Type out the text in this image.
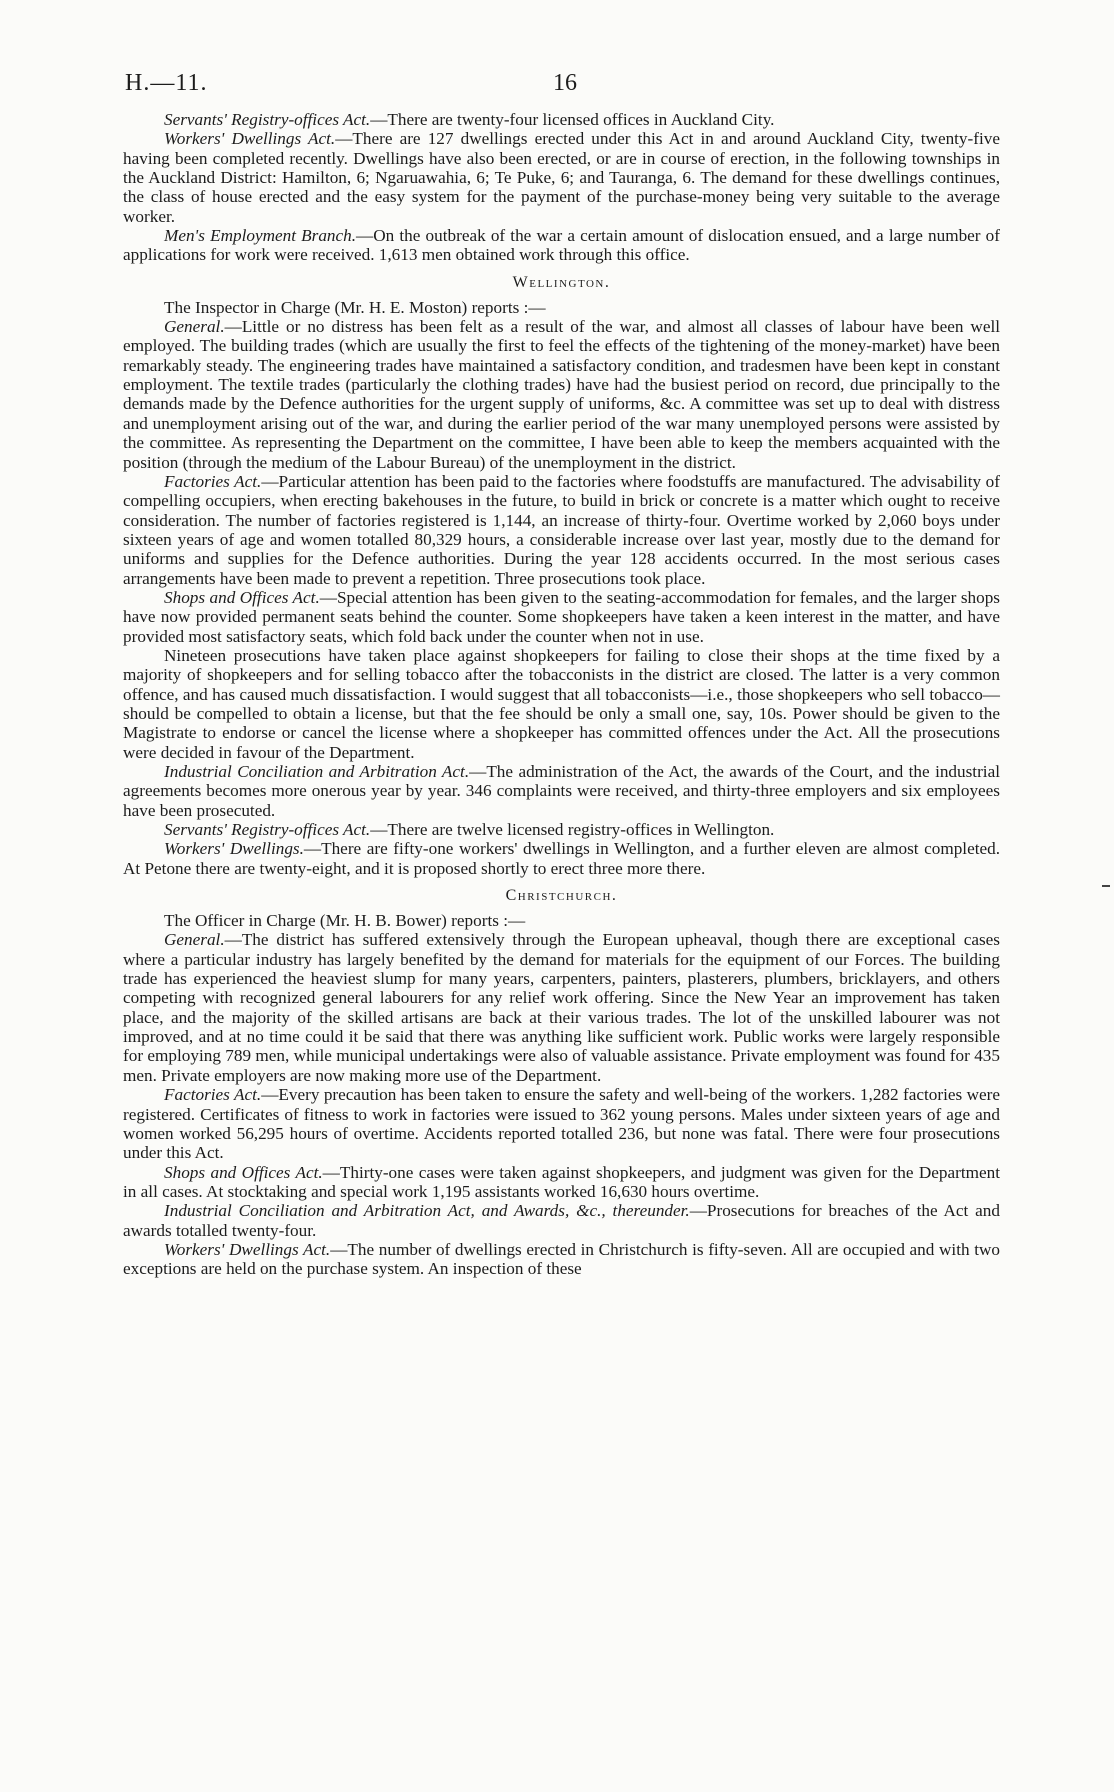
H.—11.	16

Servants' Registry-offices Act.—There are twenty-four licensed offices in Auckland City.

Workers' Dwellings Act.—There are 127 dwellings erected under this Act in and around Auckland City, twenty-five having been completed recently. Dwellings have also been erected, or are in course of erection, in the following townships in the Auckland District: Hamilton, 6; Ngaruawahia, 6; Te Puke, 6; and Tauranga, 6. The demand for these dwellings continues, the class of house erected and the easy system for the payment of the purchase-money being very suitable to the average worker.

Men's Employment Branch.—On the outbreak of the war a certain amount of dislocation ensued, and a large number of applications for work were received. 1,613 men obtained work through this office.

Wellington.

The Inspector in Charge (Mr. H. E. Moston) reports :—

General.—Little or no distress has been felt as a result of the war, and almost all classes of labour have been well employed. The building trades (which are usually the first to feel the effects of the tightening of the money-market) have been remarkably steady. The engineering trades have maintained a satisfactory condition, and tradesmen have been kept in constant employment. The textile trades (particularly the clothing trades) have had the busiest period on record, due principally to the demands made by the Defence authorities for the urgent supply of uniforms, &c. A committee was set up to deal with distress and unemployment arising out of the war, and during the earlier period of the war many unemployed persons were assisted by the committee. As representing the Department on the committee, I have been able to keep the members acquainted with the position (through the medium of the Labour Bureau) of the unemployment in the district.

Factories Act.—Particular attention has been paid to the factories where foodstuffs are manufactured. The advisability of compelling occupiers, when erecting bakehouses in the future, to build in brick or concrete is a matter which ought to receive consideration. The number of factories registered is 1,144, an increase of thirty-four. Overtime worked by 2,060 boys under sixteen years of age and women totalled 80,329 hours, a considerable increase over last year, mostly due to the demand for uniforms and supplies for the Defence authorities. During the year 128 accidents occurred. In the most serious cases arrangements have been made to prevent a repetition. Three prosecutions took place.

Shops and Offices Act.—Special attention has been given to the seating-accommodation for females, and the larger shops have now provided permanent seats behind the counter. Some shopkeepers have taken a keen interest in the matter, and have provided most satisfactory seats, which fold back under the counter when not in use.

Nineteen prosecutions have taken place against shopkeepers for failing to close their shops at the time fixed by a majority of shopkeepers and for selling tobacco after the tobacconists in the district are closed. The latter is a very common offence, and has caused much dissatisfaction. I would suggest that all tobacconists—i.e., those shopkeepers who sell tobacco—should be compelled to obtain a license, but that the fee should be only a small one, say, 10s. Power should be given to the Magistrate to endorse or cancel the license where a shopkeeper has committed offences under the Act. All the prosecutions were decided in favour of the Department.

Industrial Conciliation and Arbitration Act.—The administration of the Act, the awards of the Court, and the industrial agreements becomes more onerous year by year. 346 complaints were received, and thirty-three employers and six employees have been prosecuted.

Servants' Registry-offices Act.—There are twelve licensed registry-offices in Wellington.

Workers' Dwellings.—There are fifty-one workers' dwellings in Wellington, and a further eleven are almost completed. At Petone there are twenty-eight, and it is proposed shortly to erect three more there.

Christchurch.

The Officer in Charge (Mr. H. B. Bower) reports :—

General.—The district has suffered extensively through the European upheaval, though there are exceptional cases where a particular industry has largely benefited by the demand for materials for the equipment of our Forces. The building trade has experienced the heaviest slump for many years, carpenters, painters, plasterers, plumbers, bricklayers, and others competing with recognized general labourers for any relief work offering. Since the New Year an improvement has taken place, and the majority of the skilled artisans are back at their various trades. The lot of the unskilled labourer was not improved, and at no time could it be said that there was anything like sufficient work. Public works were largely responsible for employing 789 men, while municipal undertakings were also of valuable assistance. Private employment was found for 435 men. Private employers are now making more use of the Department.

Factories Act.—Every precaution has been taken to ensure the safety and well-being of the workers. 1,282 factories were registered. Certificates of fitness to work in factories were issued to 362 young persons. Males under sixteen years of age and women worked 56,295 hours of overtime. Accidents reported totalled 236, but none was fatal. There were four prosecutions under this Act.

Shops and Offices Act.—Thirty-one cases were taken against shopkeepers, and judgment was given for the Department in all cases. At stocktaking and special work 1,195 assistants worked 16,630 hours overtime.

Industrial Conciliation and Arbitration Act, and Awards, &c., thereunder.—Prosecutions for breaches of the Act and awards totalled twenty-four.

Workers' Dwellings Act.—The number of dwellings erected in Christchurch is fifty-seven. All are occupied and with two exceptions are held on the purchase system. An inspection of these
